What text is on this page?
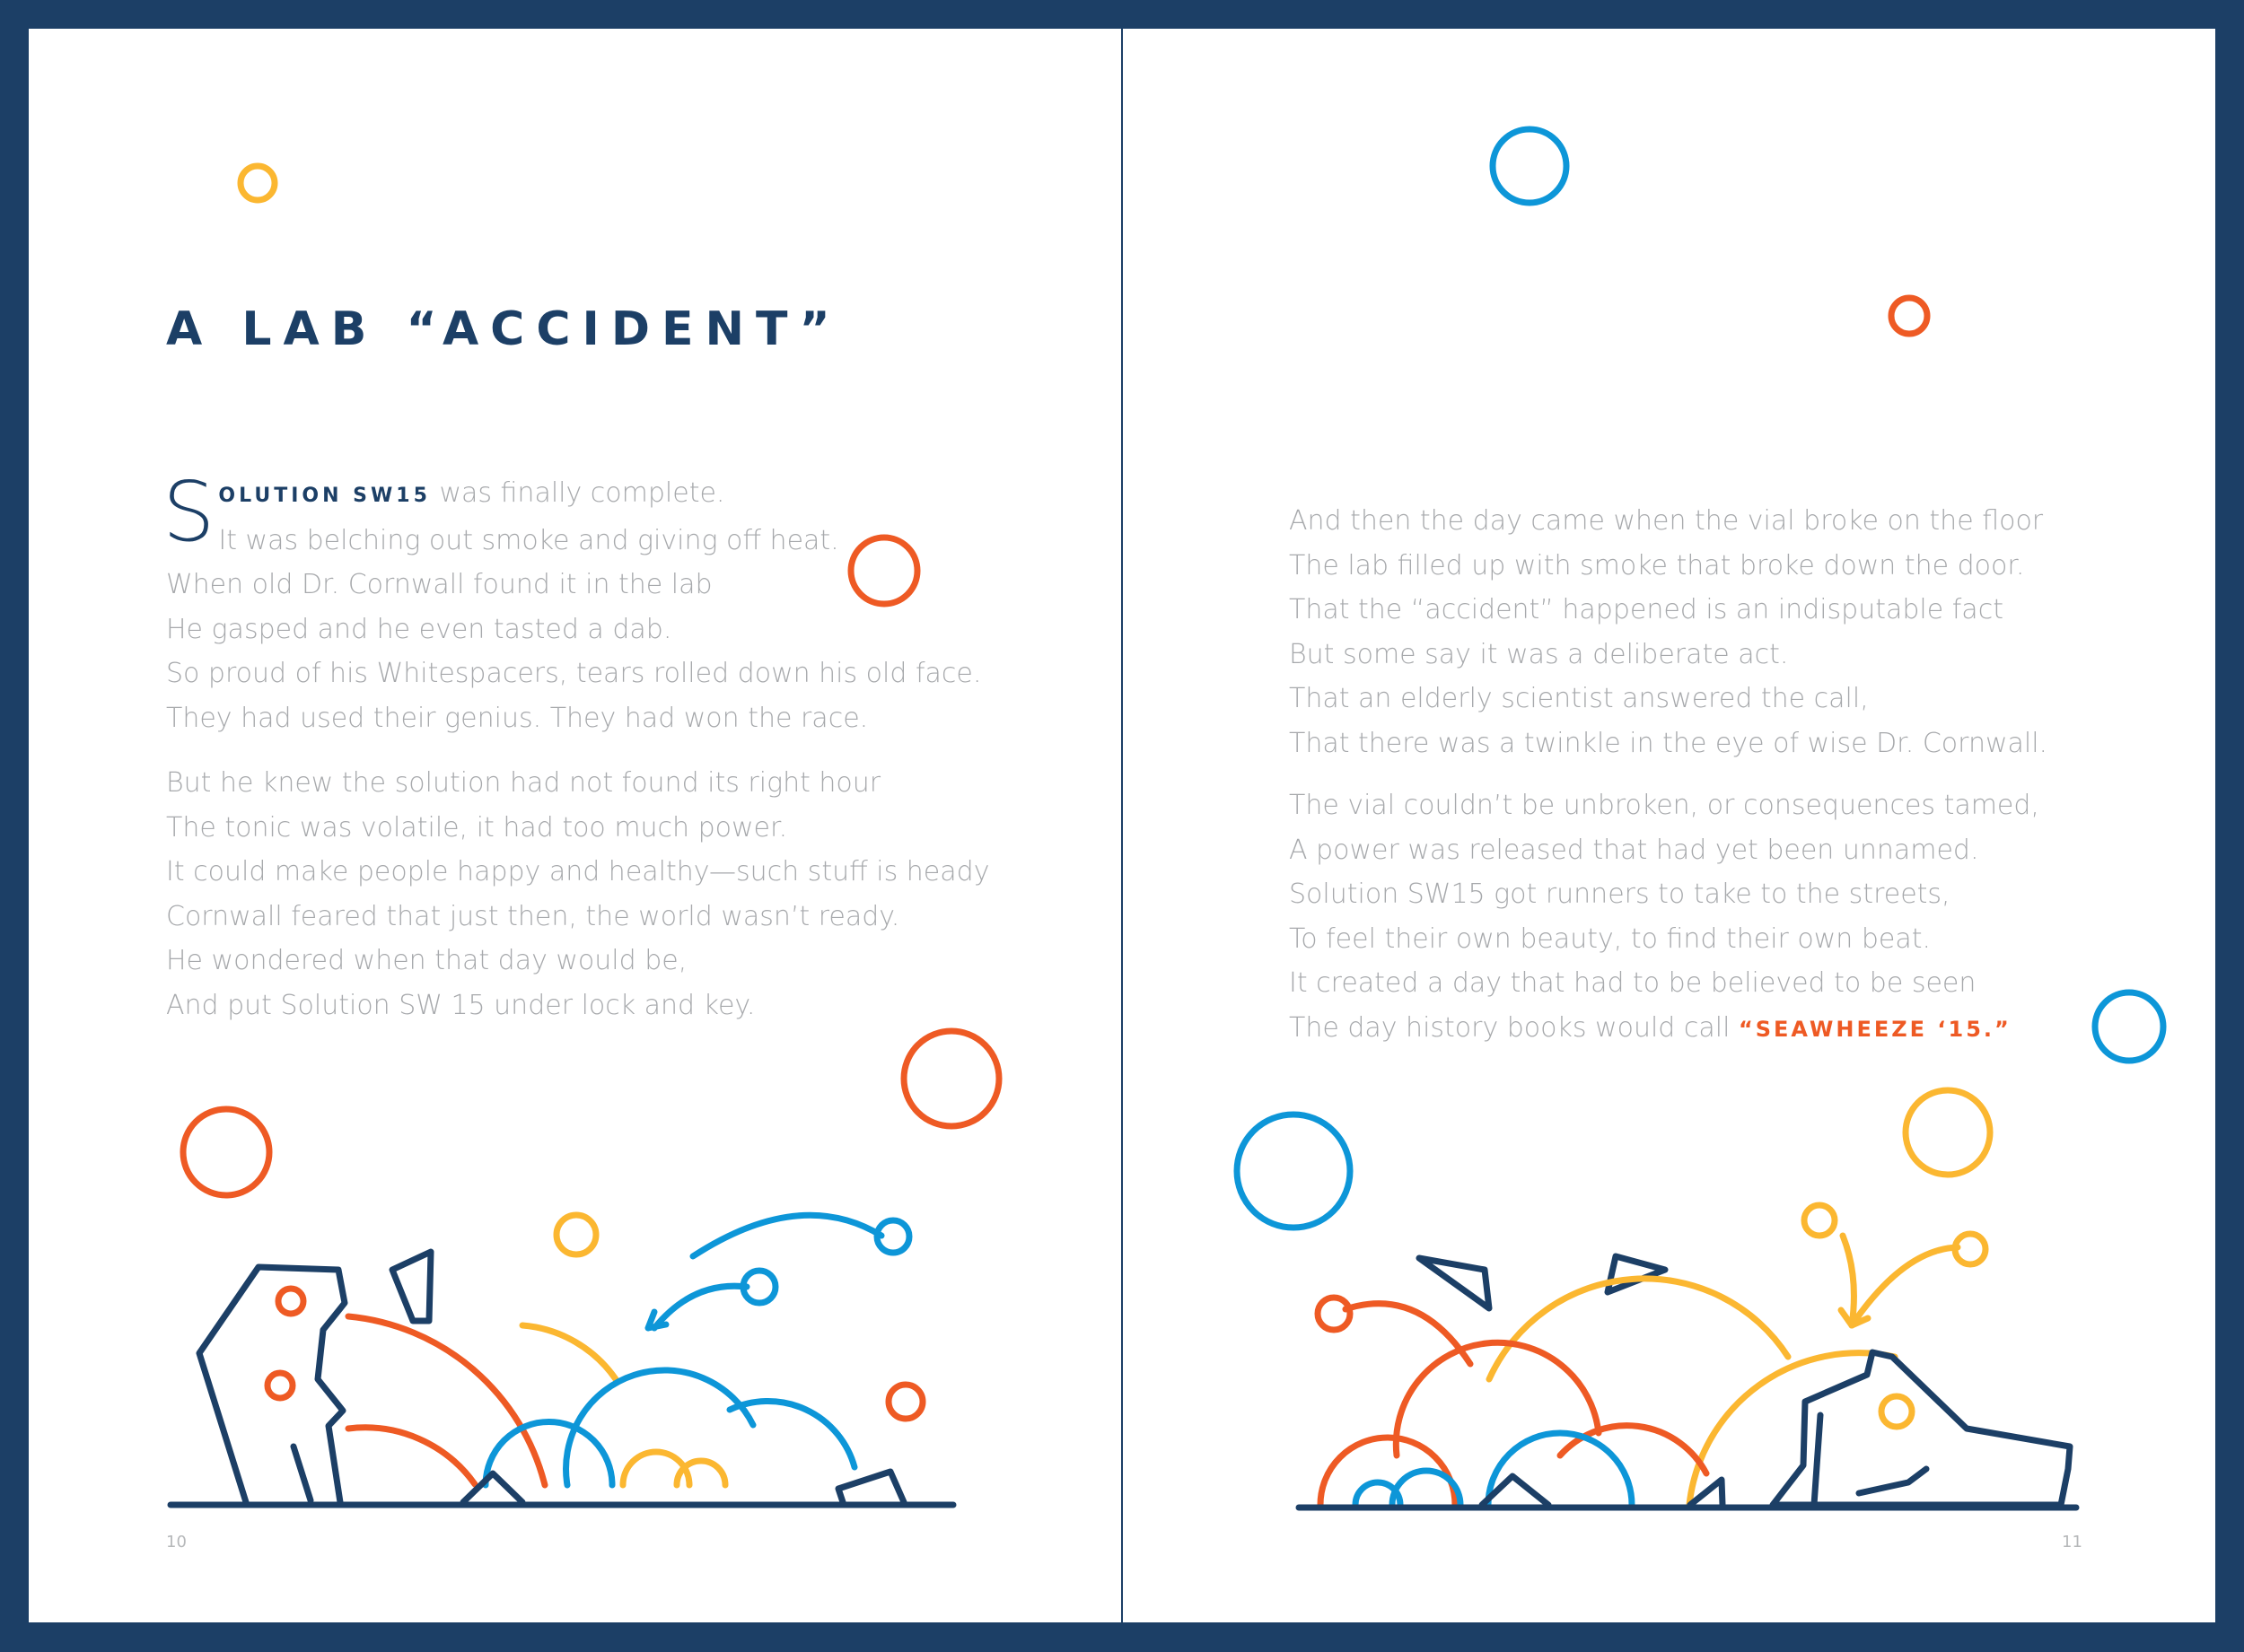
A LAB “ACCIDENT”

SOLUTION SW15 was finally complete.
It was belching out smoke and giving off heat.
When old Dr. Cornwall found it in the lab
He gasped and he even tasted a dab.
So proud of his Whitespacers, tears rolled down his old face.
They had used their genius. They had won the race.

But he knew the solution had not found its right hour
The tonic was volatile, it had too much power.
It could make people happy and healthy—such stuff is heady
Cornwall feared that just then, the world wasn’t ready.
He wondered when that day would be,
And put Solution SW 15 under lock and key.

10

And then the day came when the vial broke on the floor
The lab filled up with smoke that broke down the door.
That the “accident” happened is an indisputable fact
But some say it was a deliberate act.
That an elderly scientist answered the call,
That there was a twinkle in the eye of wise Dr. Cornwall.

The vial couldn’t be unbroken, or consequences tamed,
A power was released that had yet been unnamed.
Solution SW15 got runners to take to the streets,
To feel their own beauty, to find their own beat.
It created a day that had to be believed to be seen
The day history books would call “SEAWHEEZE ‘15.”

11
